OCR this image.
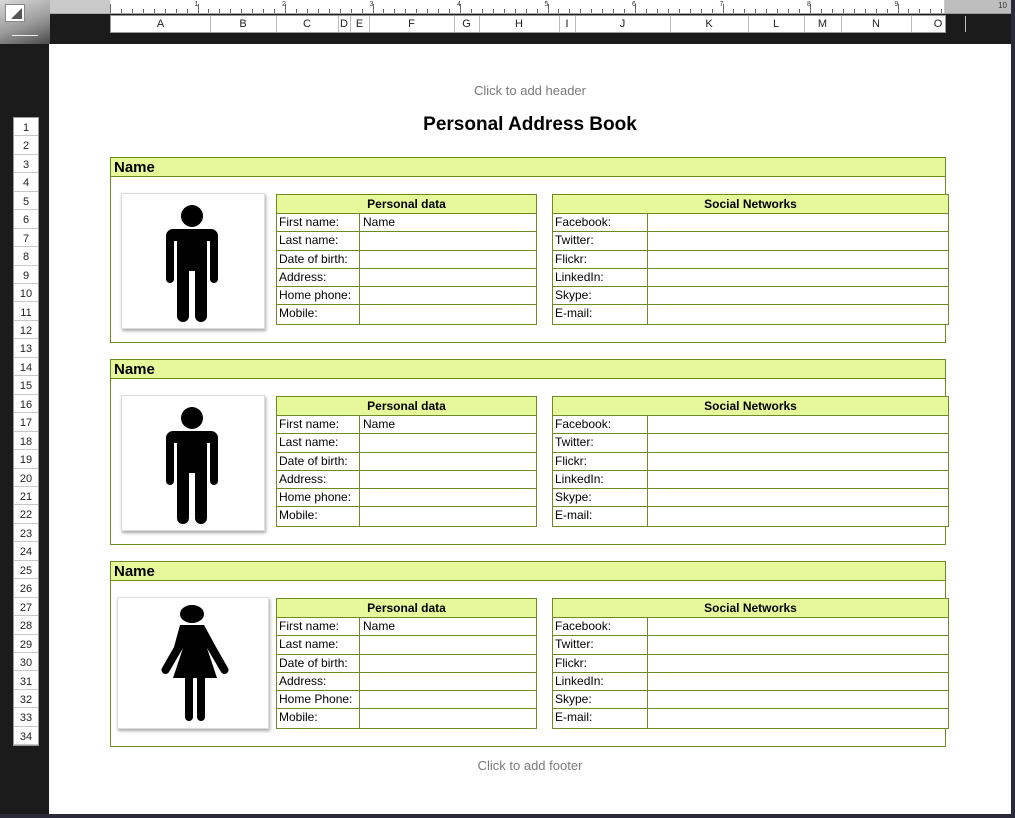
1	2	3	4	5	6	7	8	9	10
A	B	C	D E	F	G	H	I	J	K	L	M	N	O
1
2
3
4
5
6
7
8
9
10
11
12
13
14
15
16
17
18
19
20
21
22
23
24
25
26
27
28
29
30
31
32
33
34
Click to add header
Personal Address Book
Name
Personal data
First name:	Name
Last name:
Date of birth:
Address:
Home phone:
Mobile:
Social Networks
Facebook:
Twitter:
Flickr:
LinkedIn:
Skype:
E-mail:
Name
Personal data
First name:	Name
Last name:
Date of birth:
Address:
Home phone:
Mobile:
Social Networks
Facebook:
Twitter:
Flickr:
LinkedIn:
Skype:
E-mail:
Name
Personal data
First name:	Name
Last name:
Date of birth:
Address:
Home Phone:
Mobile:
Social Networks
Facebook:
Twitter:
Flickr:
LinkedIn:
Skype:
E-mail:
Click to add footer
